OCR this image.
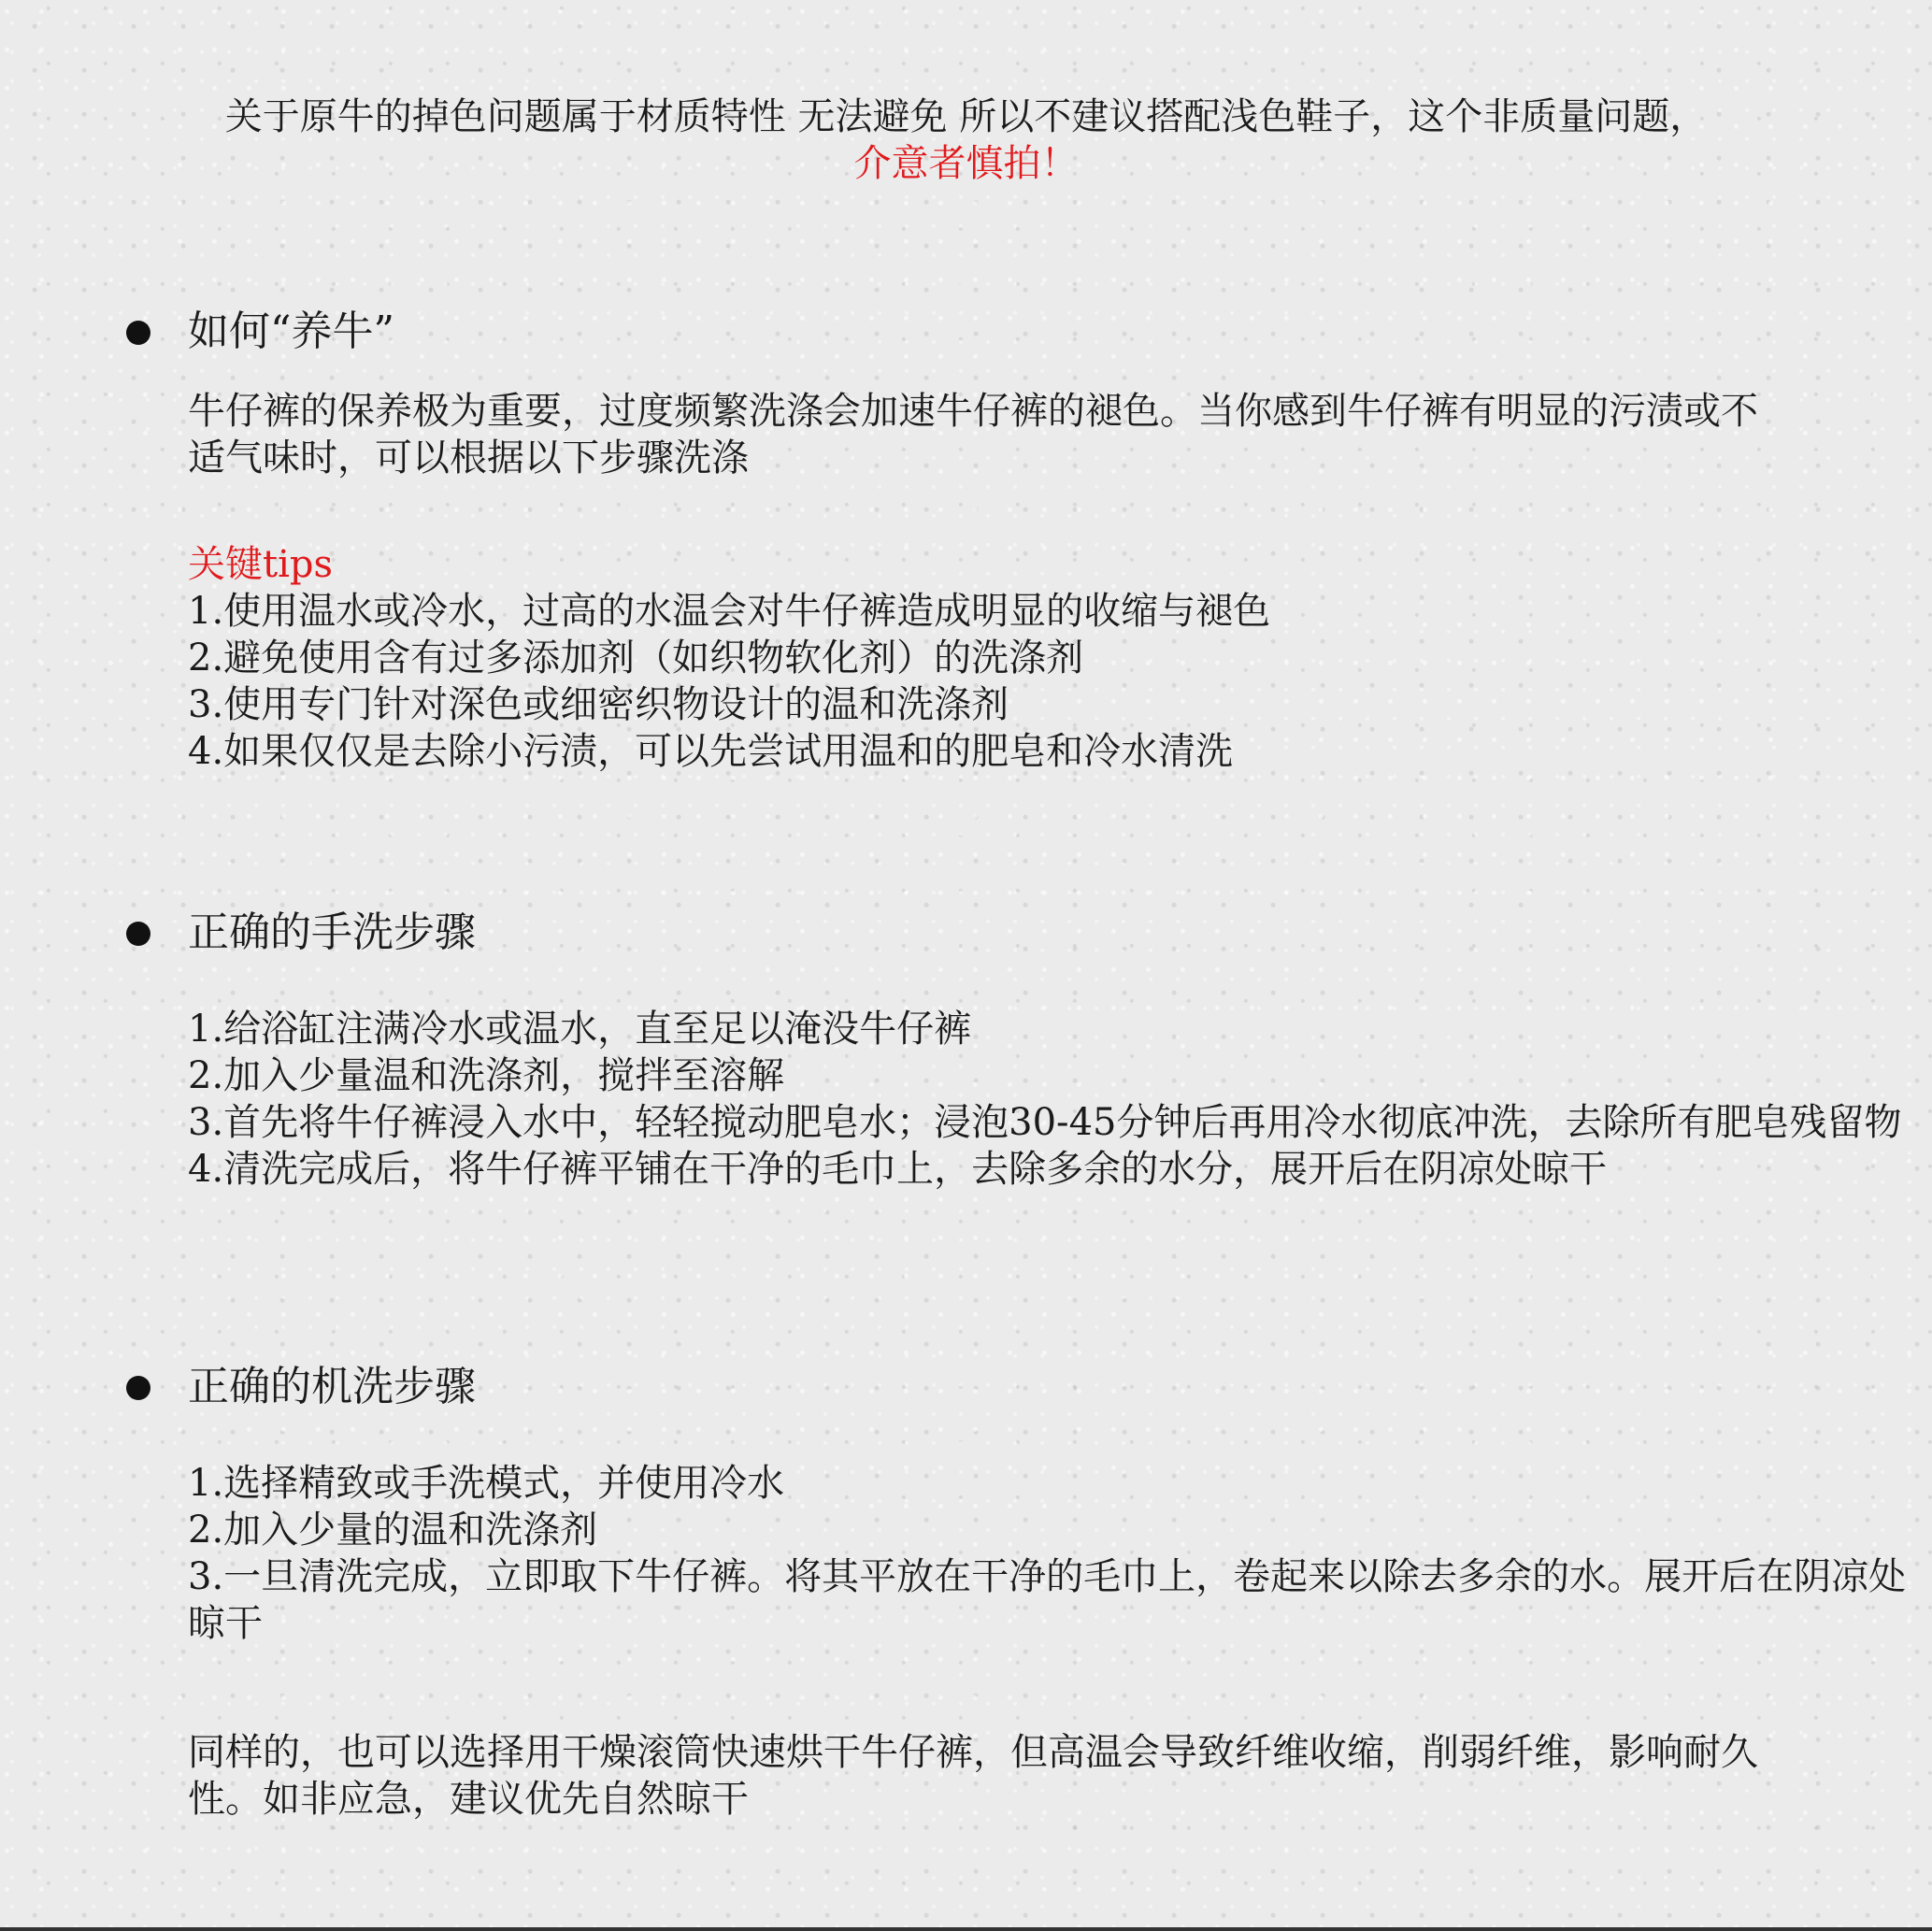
关于原牛的掉色问题属于材质特性 无法避免 所以不建议搭配浅色鞋子，这个非质量问题，
介意者慎拍！
如何“养牛”

牛仔裤的保养极为重要，过度频繁洗涤会加速牛仔裤的褪色。当你感到牛仔裤有明显的污渍或不适气味时，可以根据以下步骤洗涤

关键tips

1.使用温水或冷水，过高的水温会对牛仔裤造成明显的收缩与褪色
2.避免使用含有过多添加剂（如织物软化剂）的洗涤剂
3.使用专门针对深色或细密织物设计的温和洗涤剂
4.如果仅仅是去除小污渍，可以先尝试用温和的肥皂和冷水清洗
正确的手洗步骤
1.给浴缸注满冷水或温水，直至足以淹没牛仔裤
2.加入少量温和洗涤剂，搅拌至溶解
3.首先将牛仔裤浸入水中，轻轻搅动肥皂水；浸泡30-45分钟后再用冷水彻底冲洗，去除所有肥皂残留物
4.清洗完成后，将牛仔裤平铺在干净的毛巾上，去除多余的水分，展开后在阴凉处晾干
正确的机洗步骤
1.选择精致或手洗模式，并使用冷水
2.加入少量的温和洗涤剂
3.一旦清洗完成，立即取下牛仔裤。将其平放在干净的毛巾上，卷起来以除去多余的水。展开后在阴凉处晾干

同样的，也可以选择用干燥滚筒快速烘干牛仔裤，但高温会导致纤维收缩，削弱纤维，影响耐久性。如非应急，建议优先自然晾干
